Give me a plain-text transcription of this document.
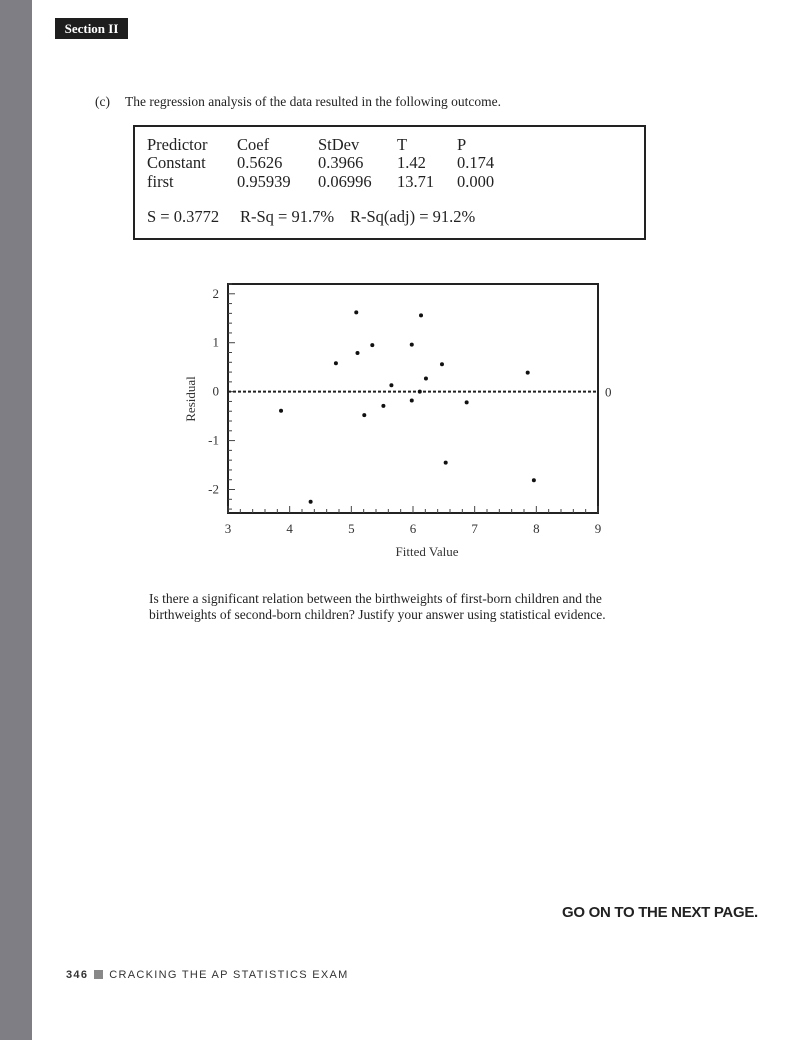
Section II
(c) The regression analysis of the data resulted in the following outcome.
Predictor Coef	StDev T	P
Constant 0.5626 0.3966 1.42 0.174
first	0.95939 0.06996 13.71 0.000
S = 0.3772 R-Sq = 91.7% R-Sq(adj) = 91.2%
3	4	5	6	7	8	9
2
1
0
-1
-2
0
Fitted Value
Residual
Is there a significant relation between the birthweights of first-born children and the birthweights of second-born children? Justify your answer using statistical evidence.
GO ON TO THE NEXT PAGE.
346 CRACKING THE AP STATISTICS EXAM
